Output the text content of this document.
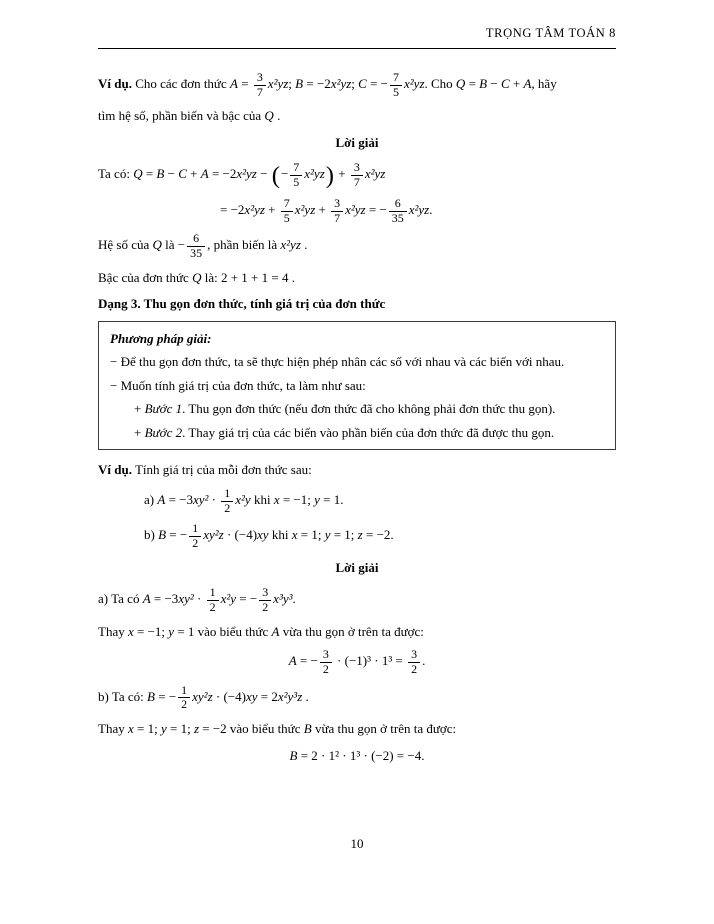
TRỌNG TÂM TOÁN 8
Ví dụ. Cho các đơn thức $A = \frac{3}{7} x^2yz$; B = −2x²yz; C = − $\frac{7}{5} x^2yz$. Cho Q = B − C + A, hãy
tìm hệ số, phần biến và bậc của Q .
Lời giải
Ta có: Q = B − C + A = −2x²yz − (− $\frac{7}{5} x^2yz) + \frac{3}{7} x^2yz$
= $-2x^2yz + \frac{7}{5} x^2yz + \frac{3}{7} x^2yz$ = − $\frac{6}{35} x^2yz$.
Hệ số của Q là − $\frac{6}{35}$ , phần biến là x²yz .
Bậc của đơn thức Q là: 2 + 1 + 1 = 4 .
Dạng 3. Thu gọn đơn thức, tính giá trị của đơn thức
Phương pháp giải:
− Để thu gọn đơn thức, ta sẽ thực hiện phép nhân các số với nhau và các biến với nhau.
− Muốn tính giá trị của đơn thức, ta làm như sau:
+ Bước 1. Thu gọn đơn thức (nếu đơn thức đã cho không phải đơn thức thu gọn).
+ Bước 2. Thay giá trị của các biến vào phần biến của đơn thức đã được thu gọn.
Ví dụ. Tính giá trị của mỗi đơn thức sau:
a) $A = -3xy^2 \cdot \frac{1}{2} x^2y$ khi x = −1; y = 1.
b) B = − $\frac{1}{2} xy^2z \cdot (-4)xy$ khi x = 1; y = 1; z = −2.
Lời giải
a) Ta có $A = -3xy^2 \cdot \frac{1}{2} x^2y$ = − $\frac{3}{2} x^3y^3$.
Thay x = −1; y = 1 vào biểu thức A vừa thu gọn ở trên ta được:
A = − $\frac{3}{2} \cdot (-1)^3 \cdot 1^3 = \frac{3}{2}$ .
b) Ta có: B = − $\frac{1}{2} xy^2z \cdot (-4)xy = 2x^2y^3z$ .
Thay x = 1; y = 1; z = −2 vào biểu thức B vừa thu gọn ở trên ta được:
B = 2 · 1² · 1³ · (−2) = −4.
10
